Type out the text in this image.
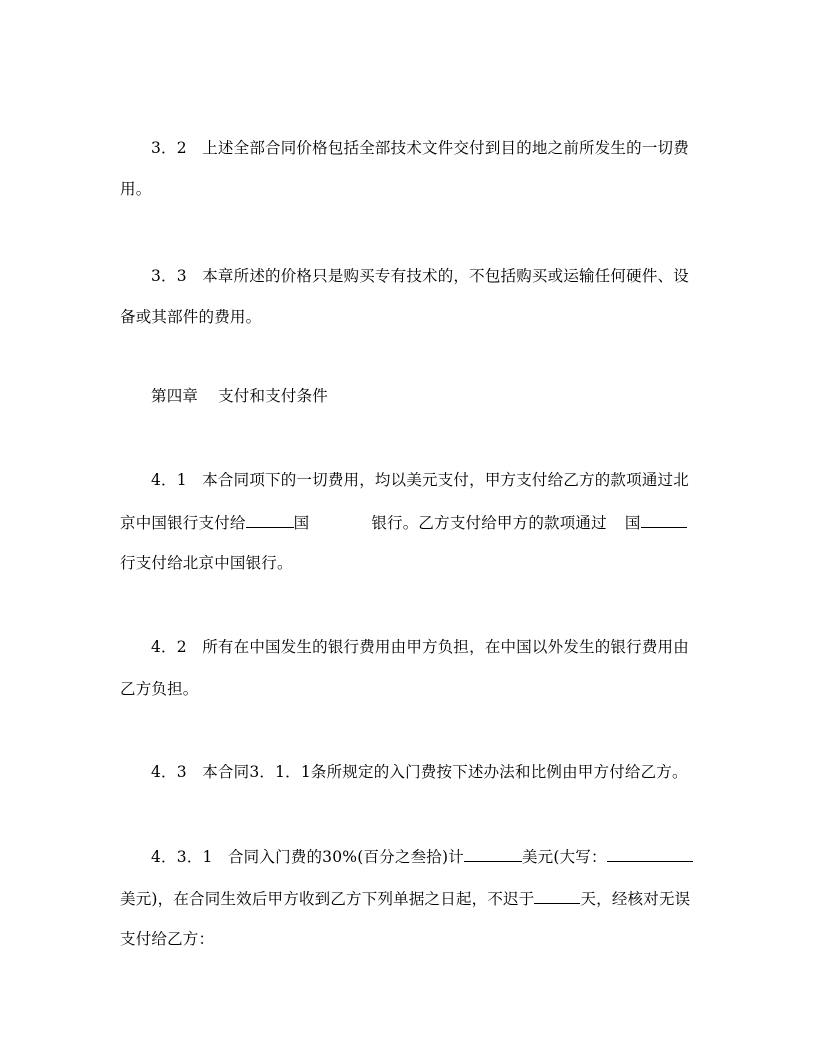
3．2 上述全部合同价格包括全部技术文件交付到目的地之前所发生的一切费
用。
3．3 本章所述的价格只是购买专有技术的，不包括购买或运输任何硬件、设
备或其部件的费用。
第四章 支付和支付条件
4．1 本合同项下的一切费用，均以美元支付，甲方支付给乙方的款项通过北
京中国银行支付给	国	银行。乙方支付给甲方的款项通过 国
行支付给北京中国银行。
4．2 所有在中国发生的银行费用由甲方负担，在中国以外发生的银行费用由
乙方负担。
4．3 本合同3．1．1条所规定的入门费按下述办法和比例由甲方付给乙方。
4．3．1 合同入门费的30%(百分之叁拾)计	美元(大写：
美元)，在合同生效后甲方收到乙方下列单据之日起，不迟于	天，经核对无误
支付给乙方：
